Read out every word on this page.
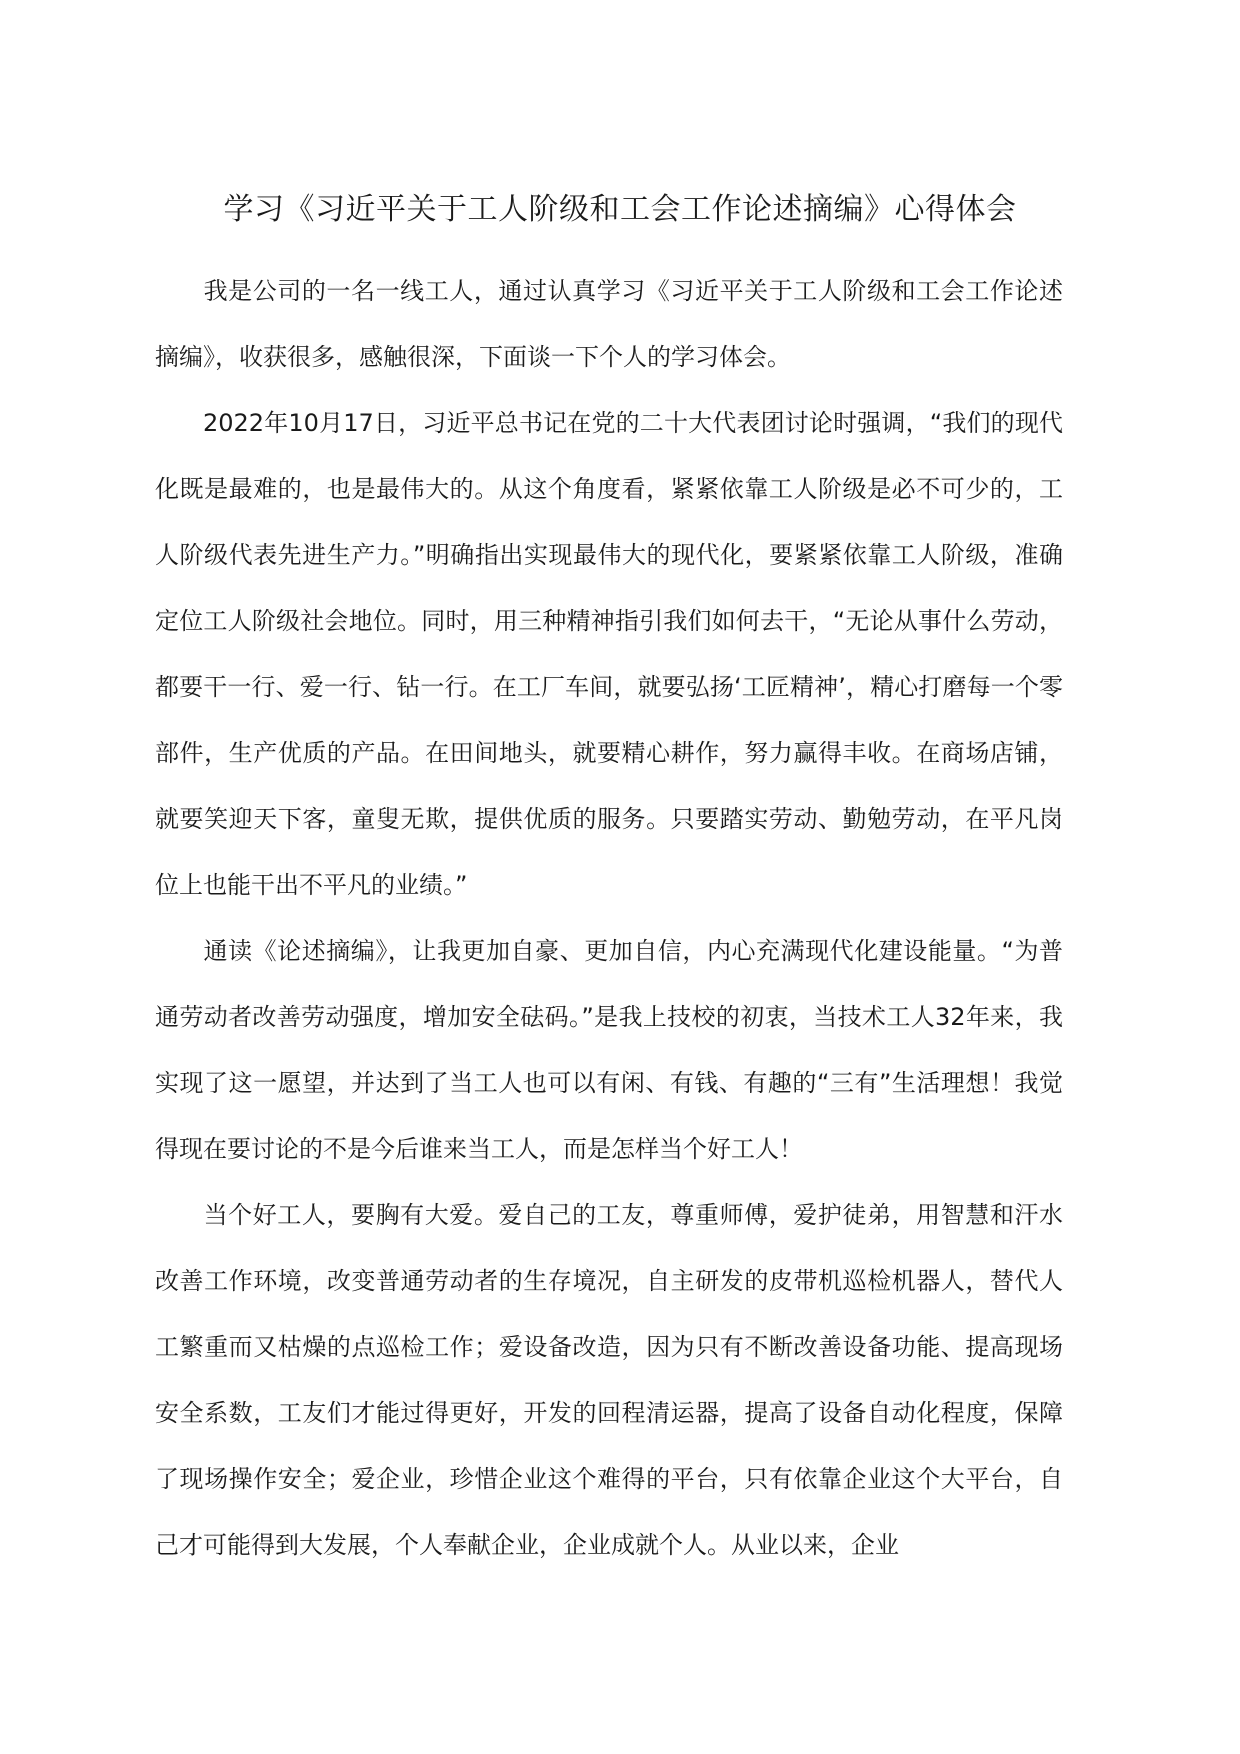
学习《习近平关于工人阶级和工会工作论述摘编》心得体会

我是公司的一名一线工人，通过认真学习《习近平关于工人阶级和工会工作论述摘编》，收获很多，感触很深，下面谈一下个人的学习体会。

2022年10月17日，习近平总书记在党的二十大代表团讨论时强调，“我们的现代化既是最难的，也是最伟大的。从这个角度看，紧紧依靠工人阶级是必不可少的，工人阶级代表先进生产力。”明确指出实现最伟大的现代化，要紧紧依靠工人阶级，准确定位工人阶级社会地位。同时，用三种精神指引我们如何去干，“无论从事什么劳动，都要干一行、爱一行、钻一行。在工厂车间，就要弘扬‘工匠精神’，精心打磨每一个零部件，生产优质的产品。在田间地头，就要精心耕作，努力赢得丰收。在商场店铺，就要笑迎天下客，童叟无欺，提供优质的服务。只要踏实劳动、勤勉劳动，在平凡岗位上也能干出不平凡的业绩。”

通读《论述摘编》，让我更加自豪、更加自信，内心充满现代化建设能量。“为普通劳动者改善劳动强度，增加安全砝码。”是我上技校的初衷，当技术工人32年来，我实现了这一愿望，并达到了当工人也可以有闲、有钱、有趣的“三有”生活理想！我觉得现在要讨论的不是今后谁来当工人，而是怎样当个好工人！

当个好工人，要胸有大爱。爱自己的工友，尊重师傅，爱护徒弟，用智慧和汗水改善工作环境，改变普通劳动者的生存境况，自主研发的皮带机巡检机器人，替代人工繁重而又枯燥的点巡检工作；爱设备改造，因为只有不断改善设备功能、提高现场安全系数，工友们才能过得更好，开发的回程清运器，提高了设备自动化程度，保障了现场操作安全；爱企业，珍惜企业这个难得的平台，只有依靠企业这个大平台，自己才可能得到大发展，个人奉献企业，企业成就个人。从业以来，企业
